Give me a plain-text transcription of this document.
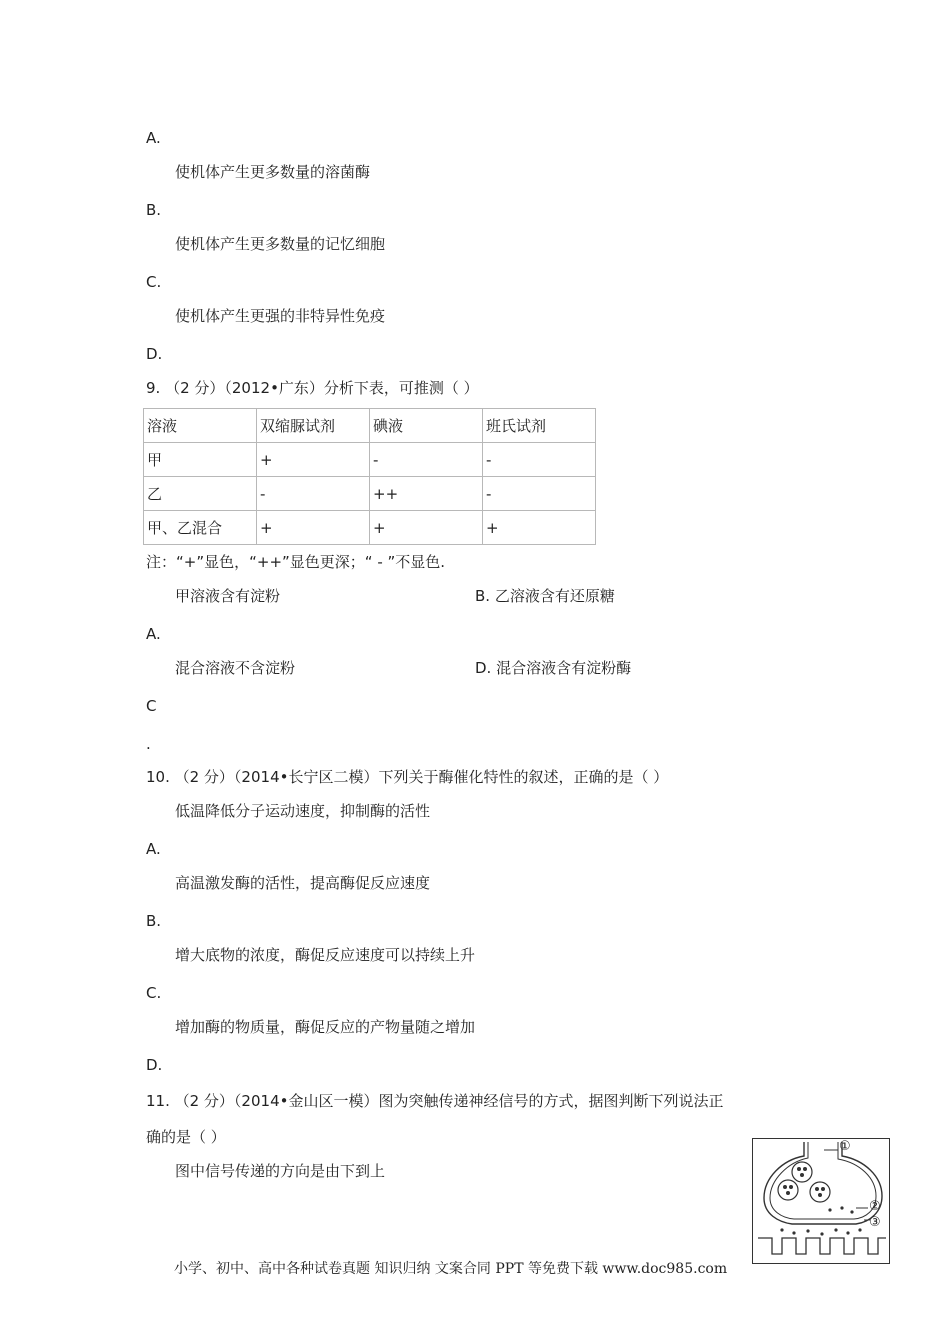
A.
使机体产生更多数量的溶菌酶
B.
使机体产生更多数量的记忆细胞
C.
使机体产生更强的非特异性免疫
D.
9. （2 分）（2012•广东）分析下表，可推测（ ）
溶液	双缩脲试剂	碘液	班氏试剂
甲	+	-	-
乙	-	++	-
甲、乙混合	+	+	+
注：“+”显色，“++”显色更深；“ - ”不显色.
甲溶液含有淀粉	B. 乙溶液含有还原糖
A.
混合溶液不含淀粉	D. 混合溶液含有淀粉酶
C
.
10. （2 分）（2014•长宁区二模）下列关于酶催化特性的叙述，正确的是（ ）
低温降低分子运动速度，抑制酶的活性
A.
高温激发酶的活性，提高酶促反应速度
B.
增大底物的浓度，酶促反应速度可以持续上升
C.
增加酶的物质量，酶促反应的产物量随之增加
D.
11. （2 分）（2014•金山区一模）图为突触传递神经信号的方式，据图判断下列说法正
确的是（ ）
图中信号传递的方向是由下到上
①
②
③
小学、初中、高中各种试卷真题 知识归纳 文案合同 PPT 等免费下载 www.doc985.com
